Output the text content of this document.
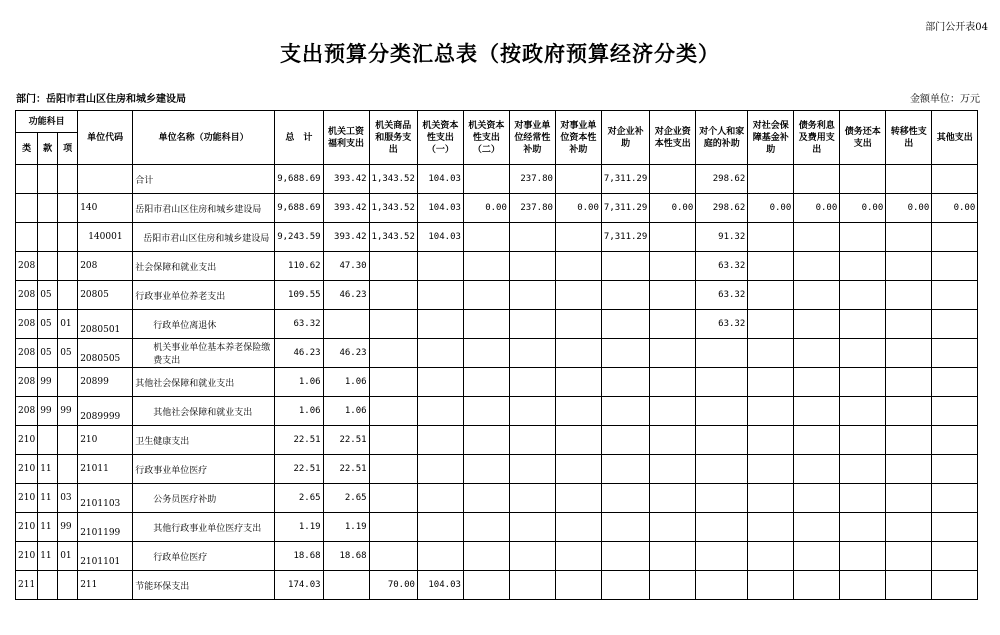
部门公开表04
支出预算分类汇总表（按政府预算经济分类）
部门：岳阳市君山区住房和城乡建设局	金额单位：万元
功能科目			单位代码	单位名称（功能科目）	总　计	机关工资福利支出	机关商品和服务支出	机关资本性支出（一）	机关资本性支出（二）	对事业单位经常性补助	对事业单位资本性补助	对企业补助	对企业资本性支出	对个人和家庭的补助	对社会保障基金补助	债务利息及费用支出	债务还本支出	转移性支出	其他支出
类	款	项																	
				合计	9,688.69	393.42	1,343.52	104.03		237.80		7,311.29		298.62					
			140	岳阳市君山区住房和城乡建设局	9,688.69	393.42	1,343.52	104.03	0.00	237.80	0.00	7,311.29	0.00	298.62	0.00	0.00	0.00	0.00	0.00
			140001	岳阳市君山区住房和城乡建设局	9,243.59	393.42	1,343.52	104.03				7,311.29		91.32					
208			208	社会保障和就业支出	110.62	47.30								63.32					
208	05		20805	行政事业单位养老支出	109.55	46.23								63.32					
208	05	01	2080501	行政单位离退休	63.32									63.32					
208	05	05	2080505	机关事业单位基本养老保险缴费支出	46.23	46.23													
208	99		20899	其他社会保障和就业支出	1.06	1.06													
208	99	99	2089999	其他社会保障和就业支出	1.06	1.06													
210			210	卫生健康支出	22.51	22.51													
210	11		21011	行政事业单位医疗	22.51	22.51													
210	11	03	2101103	公务员医疗补助	2.65	2.65													
210	11	99	2101199	其他行政事业单位医疗支出	1.19	1.19													
210	11	01	2101101	行政单位医疗	18.68	18.68													
211			211	节能环保支出	174.03		70.00	104.03											
